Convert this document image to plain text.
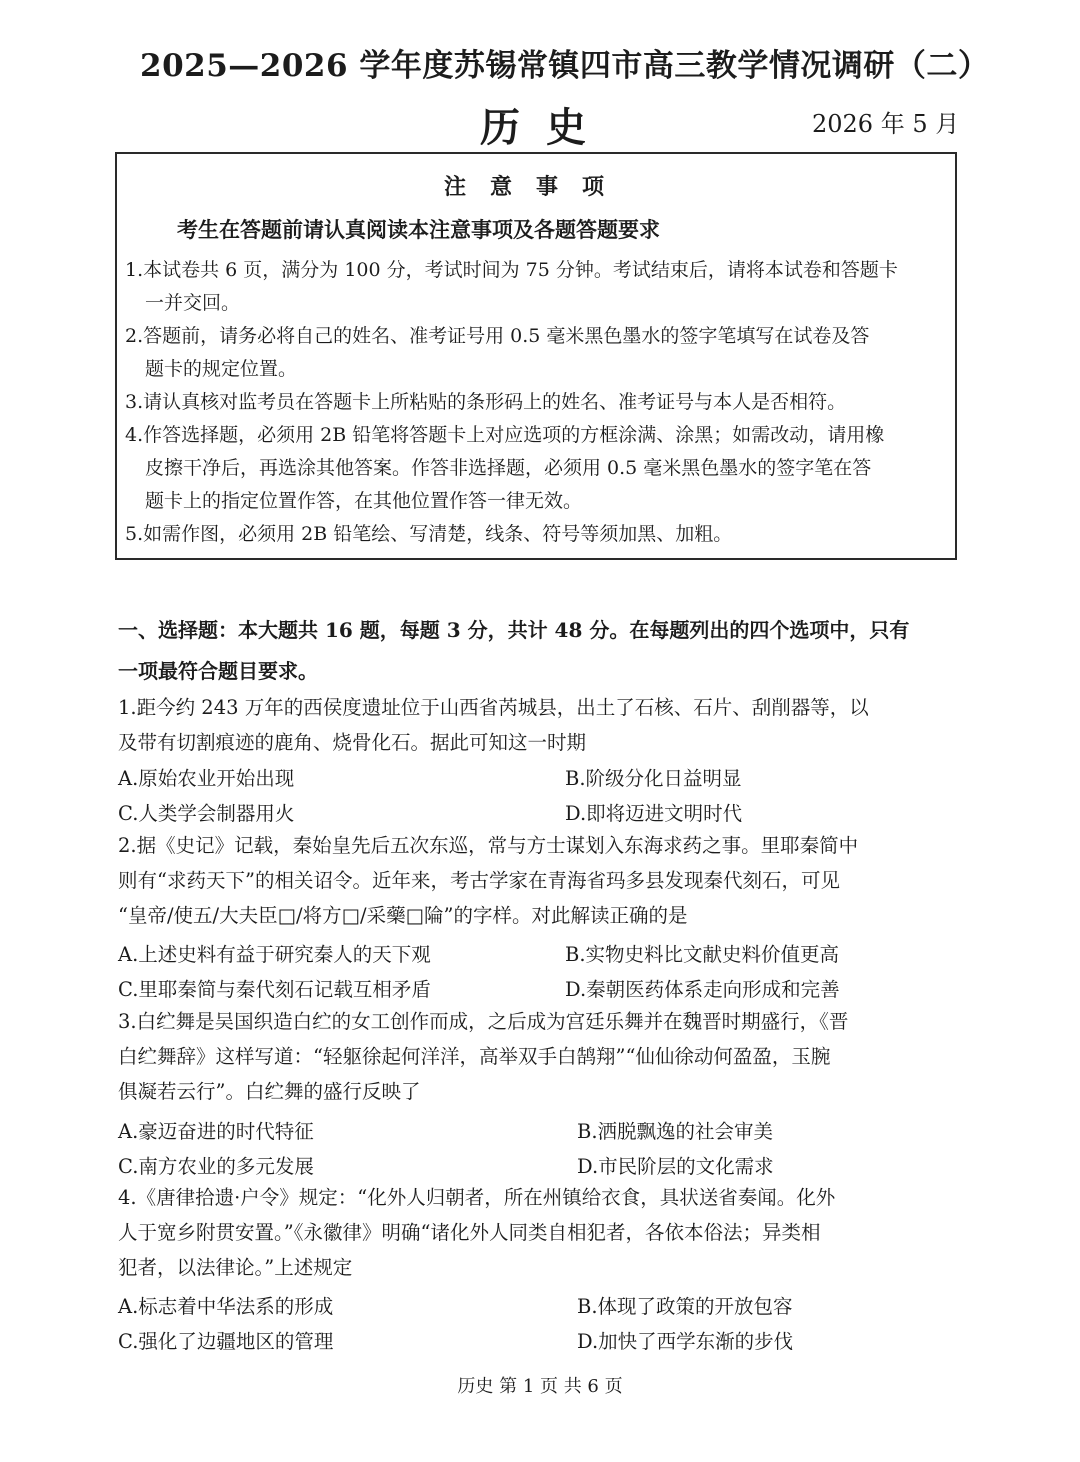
2025—2026 学年度苏锡常镇四市高三教学情况调研（二）
历史	2026 年 5 月
注意事项
考生在答题前请认真阅读本注意事项及各题答题要求
1.本试卷共 6 页，满分为 100 分，考试时间为 75 分钟。考试结束后，请将本试卷和答题卡
一并交回。
2.答题前，请务必将自己的姓名、准考证号用 0.5 毫米黑色墨水的签字笔填写在试卷及答
题卡的规定位置。
3.请认真核对监考员在答题卡上所粘贴的条形码上的姓名、准考证号与本人是否相符。
4.作答选择题，必须用 2B 铅笔将答题卡上对应选项的方框涂满、涂黑；如需改动，请用橡
皮擦干净后，再选涂其他答案。作答非选择题，必须用 0.5 毫米黑色墨水的签字笔在答
题卡上的指定位置作答，在其他位置作答一律无效。
5.如需作图，必须用 2B 铅笔绘、写清楚，线条、符号等须加黑、加粗。
一、选择题：本大题共 16 题，每题 3 分，共计 48 分。在每题列出的四个选项中，只有
一项最符合题目要求。
1.距今约 243 万年的西侯度遗址位于山西省芮城县，出土了石核、石片、刮削器等，以
及带有切割痕迹的鹿角、烧骨化石。据此可知这一时期
A.原始农业开始出现	B.阶级分化日益明显
C.人类学会制器用火	D.即将迈进文明时代
2.据《史记》记载，秦始皇先后五次东巡，常与方士谋划入东海求药之事。里耶秦简中
则有“求药天下”的相关诏令。近年来，考古学家在青海省玛多县发现秦代刻石，可见
“皇帝/使五/大夫臣□/将方□/采藥□陯”的字样。对此解读正确的是
A.上述史料有益于研究秦人的天下观	B.实物史料比文献史料价值更高
C.里耶秦简与秦代刻石记载互相矛盾	D.秦朝医药体系走向形成和完善
3.白纻舞是吴国织造白纻的女工创作而成，之后成为宫廷乐舞并在魏晋时期盛行，《晋
白纻舞辞》这样写道：“轻躯徐起何洋洋，高举双手白鹄翔”“仙仙徐动何盈盈，玉腕
俱凝若云行”。白纻舞的盛行反映了
A.豪迈奋进的时代特征	B.洒脱飘逸的社会审美
C.南方农业的多元发展	D.市民阶层的文化需求
4.《唐律拾遗·户令》规定：“化外人归朝者，所在州镇给衣食，具状送省奏闻。化外
人于宽乡附贯安置。”《永徽律》明确“诸化外人同类自相犯者，各依本俗法；异类相
犯者，以法律论。”上述规定
A.标志着中华法系的形成	B.体现了政策的开放包容
C.强化了边疆地区的管理	D.加快了西学东渐的步伐
历史 第 1 页 共 6 页
